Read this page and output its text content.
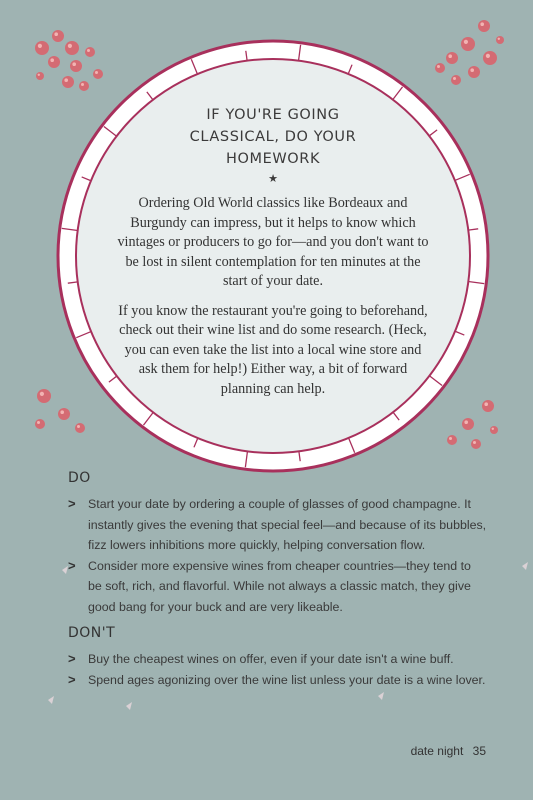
IF YOU'RE GOING CLASSICAL, DO YOUR HOMEWORK
★

Ordering Old World classics like Bordeaux and Burgundy can impress, but it helps to know which vintages or producers to go for—and you don't want to be lost in silent contemplation for ten minutes at the start of your date.

If you know the restaurant you're going to beforehand, check out their wine list and do some research. (Heck, you can even take the list into a local wine store and ask them for help!) Either way, a bit of forward planning can help.

DO
>	Start your date by ordering a couple of glasses of good champagne. It instantly gives the evening that special feel—and because of its bubbles, fizz lowers inhibitions more quickly, helping conversation flow.
>	Consider more expensive wines from cheaper countries—they tend to be soft, rich, and flavorful. While not always a classic match, they give good bang for your buck and are very likeable.
DON'T
>	Buy the cheapest wines on offer, even if your date isn't a wine buff.
>	Spend ages agonizing over the wine list unless your date is a wine lover.
date night 35
